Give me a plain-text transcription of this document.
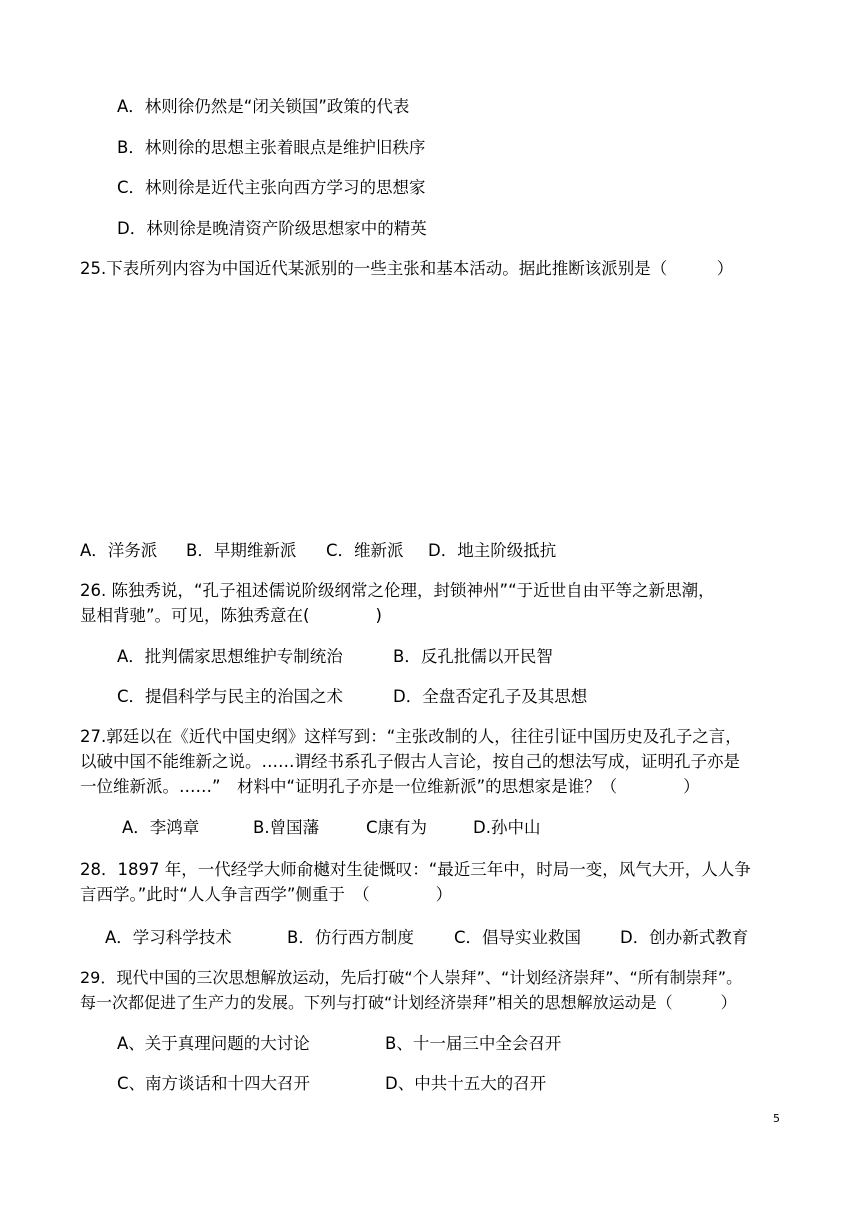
A．林则徐仍然是“闭关锁国”政策的代表
B．林则徐的思想主张着眼点是维护旧秩序
C．林则徐是近代主张向西方学习的思想家
D．林则徐是晚清资产阶级思想家中的精英
25.下表所列内容为中国近代某派别的一些主张和基本活动。据此推断该派别是（　　　）
A．洋务派 B．早期维新派 C．维新派 D．地主阶级抵抗
26. 陈独秀说，“孔子祖述儒说阶级纲常之伦理，封锁神州”“于近世自由平等之新思潮，
显相背驰”。可见，陈独秀意在(　　　　)
A．批判儒家思想维护专制统治	B．反孔批儒以开民智
C．提倡科学与民主的治国之术	D．全盘否定孔子及其思想
27.郭廷以在《近代中国史纲》这样写到：“主张改制的人，往往引证中国历史及孔子之言，
以破中国不能维新之说。……谓经书系孔子假古人言论，按自己的想法写成，证明孔子亦是
一位维新派。……”　材料中“证明孔子亦是一位维新派”的思想家是谁？（　　　　）
A．李鸿章	B.曾国藩	C康有为	D.孙中山
28．1897 年，一代经学大师俞樾对生徒慨叹：“最近三年中，时局一变，风气大开，人人争
言西学。”此时“人人争言西学”侧重于　（　　　　）
A．学习科学技术	B．仿行西方制度 C．倡导实业救国 D．创办新式教育
29．现代中国的三次思想解放运动，先后打破“个人崇拜”、“计划经济崇拜”、“所有制崇拜”。
每一次都促进了生产力的发展。下列与打破“计划经济崇拜”相关的思想解放运动是（　　　）
A、关于真理问题的大讨论	B、十一届三中全会召开
C、南方谈话和十四大召开	D、中共十五大的召开
5
